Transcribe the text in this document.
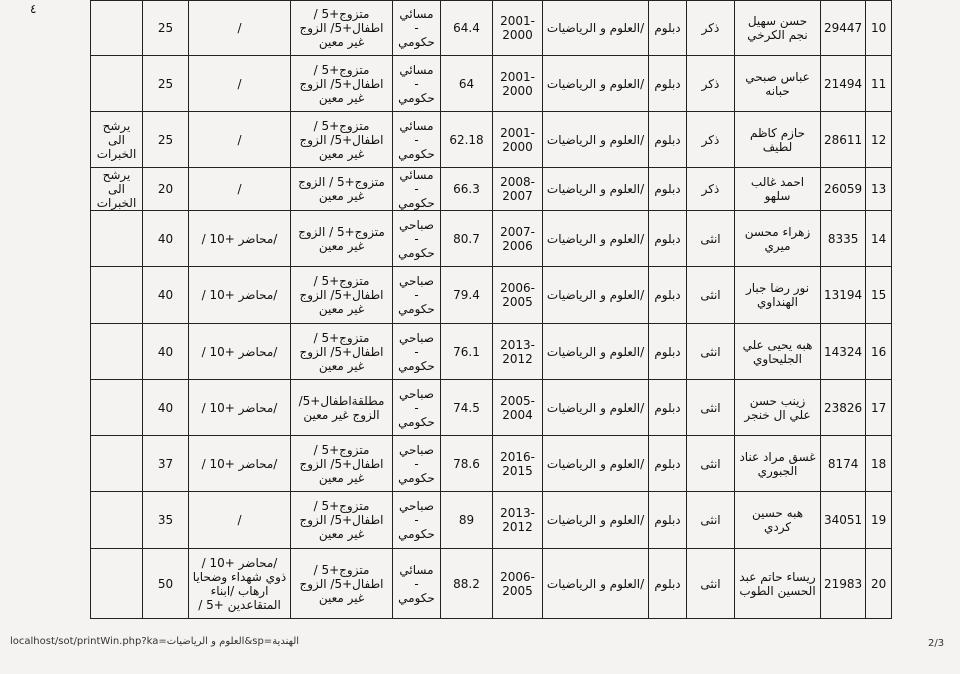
٤
	25	/	متزوج+5 / اطفال+5/ الزوج غير معين	مسائي - حكومي	64.4	2001-2000	/العلوم و الرياضيات	دبلوم	ذكر	حسن سهيل نجم الكرخي	29447	10
	25	/	متزوج+5 / اطفال+5/ الزوج غير معين	مسائي - حكومي	64	2001-2000	/العلوم و الرياضيات	دبلوم	ذكر	عباس صبحي حبانه	21494	11
يرشح الى الخبرات	25	/	متزوج+5 / اطفال+5/ الزوج غير معين	مسائي - حكومي	62.18	2001-2000	/العلوم و الرياضيات	دبلوم	ذكر	حازم كاظم لطيف	28611	12
يرشح الى الخبرات	20	/	متزوج+5 / الزوج غير معين	مسائي - حكومي	66.3	2008-2007	/العلوم و الرياضيات	دبلوم	ذكر	احمد غالب سلهو	26059	13
	40	/محاضر +10 /	متزوج+5 / الزوج غير معين	صباحي - حكومي	80.7	2007-2006	/العلوم و الرياضيات	دبلوم	انثى	زهراء محسن ميري	8335	14
	40	/محاضر +10 /	متزوج+5 / اطفال+5/ الزوج غير معين	صباحي - حكومي	79.4	2006-2005	/العلوم و الرياضيات	دبلوم	انثى	نور رضا جبار الهنداوي	13194	15
	40	/محاضر +10 /	متزوج+5 / اطفال+5/ الزوج غير معين	صباحي - حكومي	76.1	2013-2012	/العلوم و الرياضيات	دبلوم	انثى	هبه يحيى علي الجليحاوي	14324	16
	40	/محاضر +10 /	مطلقةاطفال+5/ الزوج غير معين	صباحي - حكومي	74.5	2005-2004	/العلوم و الرياضيات	دبلوم	انثى	زينب حسن علي ال خنجر	23826	17
	37	/محاضر +10 /	متزوج+5 / اطفال+5/ الزوج غير معين	صباحي - حكومي	78.6	2016-2015	/العلوم و الرياضيات	دبلوم	انثى	غسق مراد عناد الجبوري	8174	18
	35	/	متزوج+5 / اطفال+5/ الزوج غير معين	صباحي - حكومي	89	2013-2012	/العلوم و الرياضيات	دبلوم	انثى	هبه حسين كردي	34051	19
	50	/محاضر +10 /ذوي شهداء وضحايا ارهاب /ابناء المتقاعدين +5 /	متزوج+5 / اطفال+5/ الزوج غير معين	مسائي - حكومي	88.2	2006-2005	/العلوم و الرياضيات	دبلوم	انثى	ريساء حاتم عبد الحسين الطوب	21983	20
localhost/sot/printWin.php?ka=العلوم و الرياضيات&sp=الهندية	2/3
